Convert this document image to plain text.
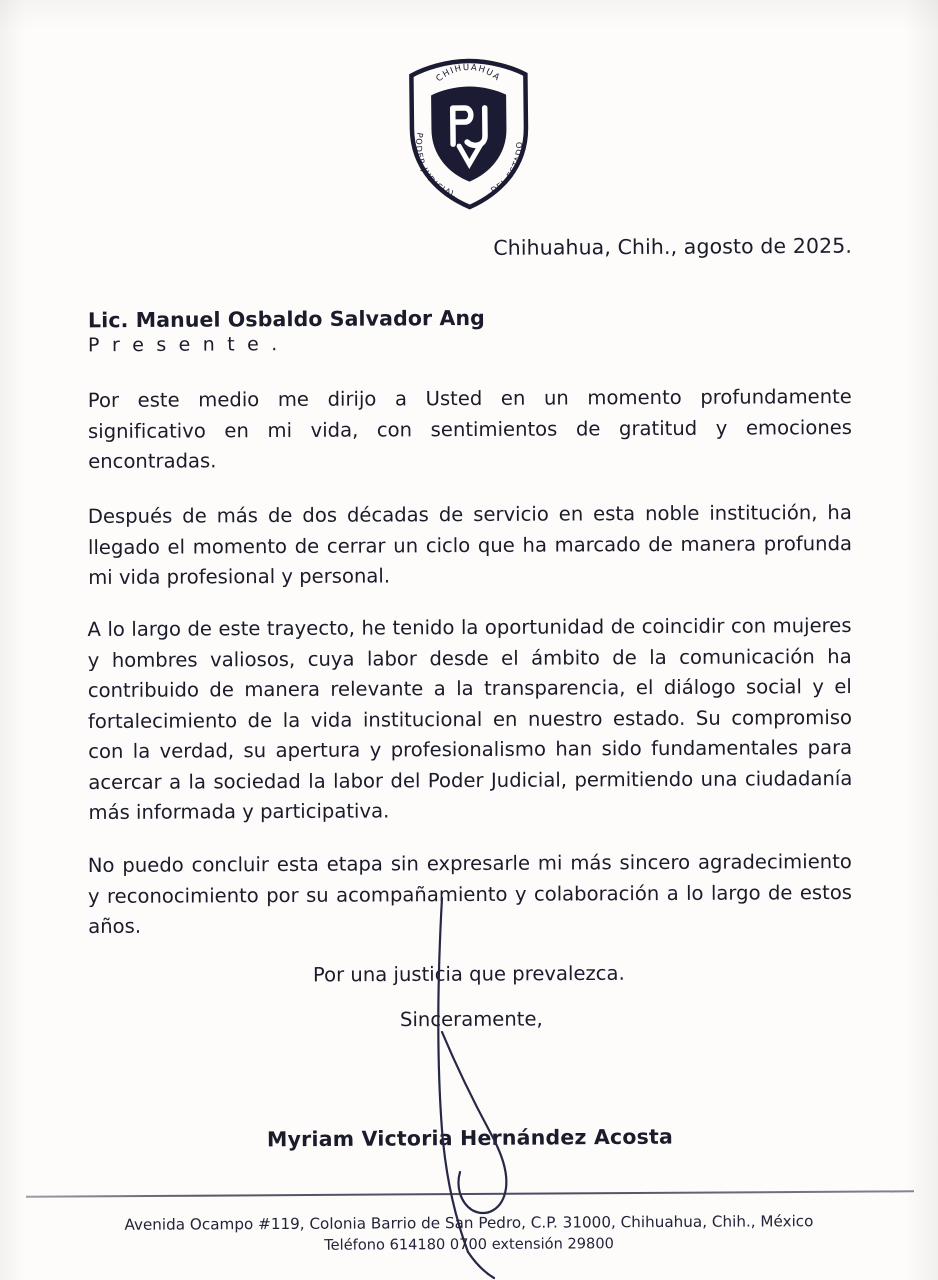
CHIHUAHUA
PODER JUDICIAL	DEL ESTADO
Chihuahua, Chih., agosto de 2025.
Lic. Manuel Osbaldo Salvador Ang
P r e s e n t e .

Por este medio me dirijo a Usted en un momento profundamente significativo en mi vida, con sentimientos de gratitud y emociones encontradas.

Después de más de dos décadas de servicio en esta noble institución, ha llegado el momento de cerrar un ciclo que ha marcado de manera profunda mi vida profesional y personal.

A lo largo de este trayecto, he tenido la oportunidad de coincidir con mujeres y hombres valiosos, cuya labor desde el ámbito de la comunicación ha contribuido de manera relevante a la transparencia, el diálogo social y el fortalecimiento de la vida institucional en nuestro estado. Su compromiso con la verdad, su apertura y profesionalismo han sido fundamentales para acercar a la sociedad la labor del Poder Judicial, permitiendo una ciudadanía más informada y participativa.

No puedo concluir esta etapa sin expresarle mi más sincero agradecimiento y reconocimiento por su acompañamiento y colaboración a lo largo de estos años.

Por una justicia que prevalezca.
Sinceramente,
Myriam Victoria Hernández Acosta
Avenida Ocampo #119, Colonia Barrio de San Pedro, C.P. 31000, Chihuahua, Chih., México
Teléfono 614180 0700 extensión 29800
